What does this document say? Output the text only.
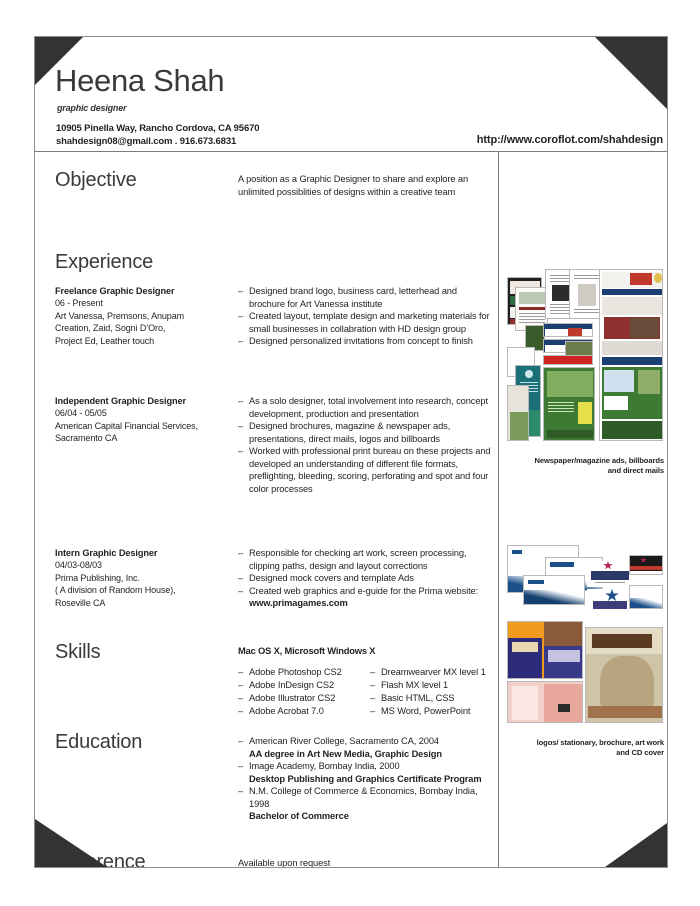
Heena Shah
graphic designer
10905 Pinella Way, Rancho Cordova, CA 95670
shahdesign08@gmail.com . 916.673.6831	http://www.coroflot.com/shahdesign
Objective	A position as a Graphic Designer to share and explore an unlimited possiblities of designs within a creative team
Experience
Freelance Graphic Designer
06 - Present
Art Vanessa, Premsons, Anupam
Creation, Zaid, Sogni D’Oro,
Project Ed, Leather touch
– Designed brand logo, business card, letterhead and brochure for Art Vanessa institute
– Created layout, template design and marketing materials for small businesses in collabration with HD design group
– Designed personalized invitations from concept to finish
Independent Graphic Designer
06/04 - 05/05
American Capital Financial Services,
Sacramento CA
– As a solo designer, total involvement into research, concept development, production and presentation
– Designed brochures, magazine & newspaper ads, presentations, direct mails, logos and billboards
– Worked with professional print bureau on these projects and developed an understanding of different file formats, preflighting, bleeding, scoring, perforating and spot and four color processes
Intern Graphic Designer
04/03-08/03
Prima Publishing, Inc.
( A division of Random House),
Roseville CA
– Responsible for checking art work, screen processing, clipping paths, design and layout corrections
– Designed mock covers and template Ads
– Created web graphics and e-guide for the Prima website: www.primagames.com
Skills	Mac OS X, Microsoft Windows X
– Adobe Photoshop CS2
– Adobe InDesign CS2
– Adobe Illustrator CS2
– Adobe Acrobat 7.0
– Dreamwearver MX level 1
– Flash MX level 1
– Basic HTML, CSS
– MS Word, PowerPoint
Education	– American River College, Sacramento CA, 2004
AA degree in Art New Media, Graphic Design
– Image Academy, Bombay India, 2000
Desktop Publishing and Graphics Certificate Program
– N.M. College of Commerce & Economics, Bombay India, 1998
Bachelor of Commerce
Reference	Available upon request
Newspaper/magazine ads, billboards
and direct mails
logos/ stationary, brochure, art work
and CD cover
